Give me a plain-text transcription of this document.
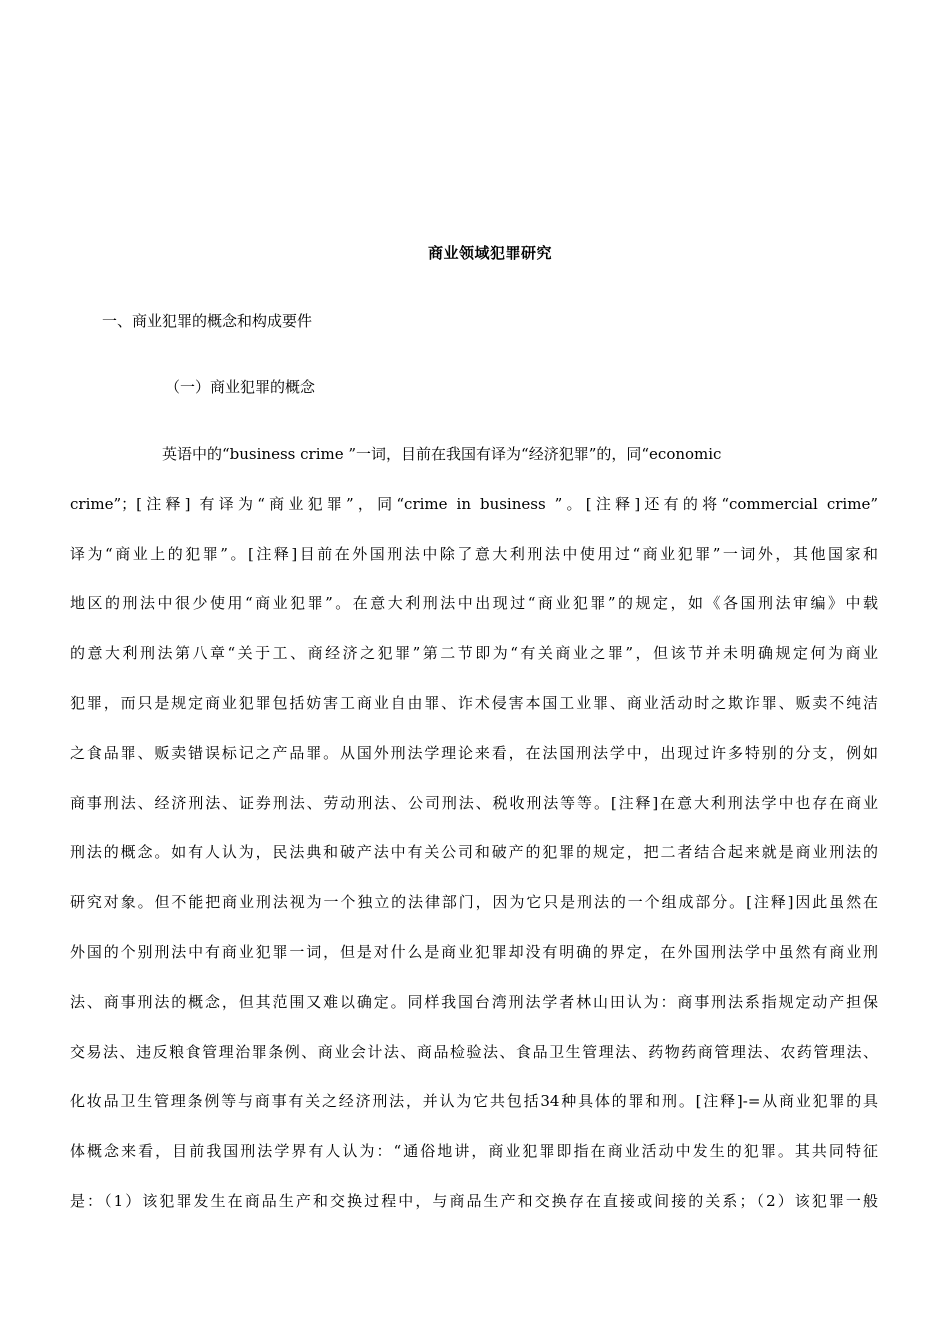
商业领域犯罪研究
一、商业犯罪的概念和构成要件
（一）商业犯罪的概念
英语中的“business crime ”一词，目前在我国有译为“经济犯罪”的，同“economic
crime”；[注释] 有译为“商业犯罪”，同“crime in business ”。[注释]还有的将“commercial crime”
译为“商业上的犯罪”。[注释]目前在外国刑法中除了意大利刑法中使用过“商业犯罪”一词外，其他国家和
地区的刑法中很少使用“商业犯罪”。在意大利刑法中出现过“商业犯罪”的规定，如《各国刑法审编》中载
的意大利刑法第八章“关于工、商经济之犯罪”第二节即为“有关商业之罪”，但该节并未明确规定何为商业
犯罪，而只是规定商业犯罪包括妨害工商业自由罪、诈术侵害本国工业罪、商业活动时之欺诈罪、贩卖不纯洁
之食品罪、贩卖错误标记之产品罪。从国外刑法学理论来看，在法国刑法学中，出现过许多特别的分支，例如
商事刑法、经济刑法、证券刑法、劳动刑法、公司刑法、税收刑法等等。[注释]在意大利刑法学中也存在商业
刑法的概念。如有人认为，民法典和破产法中有关公司和破产的犯罪的规定，把二者结合起来就是商业刑法的
研究对象。但不能把商业刑法视为一个独立的法律部门，因为它只是刑法的一个组成部分。[注释]因此虽然在
外国的个别刑法中有商业犯罪一词，但是对什么是商业犯罪却没有明确的界定，在外国刑法学中虽然有商业刑
法、商事刑法的概念，但其范围又难以确定。同样我国台湾刑法学者林山田认为：商事刑法系指规定动产担保
交易法、违反粮食管理治罪条例、商业会计法、商品检验法、食品卫生管理法、药物药商管理法、农药管理法、
化妆品卫生管理条例等与商事有关之经济刑法，并认为它共包括34种具体的罪和刑。[注释]-=从商业犯罪的具
体概念来看，目前我国刑法学界有人认为：“通俗地讲，商业犯罪即指在商业活动中发生的犯罪。其共同特征
是：（1）该犯罪发生在商品生产和交换过程中，与商品生产和交换存在直接或间接的关系；（2）该犯罪一般
